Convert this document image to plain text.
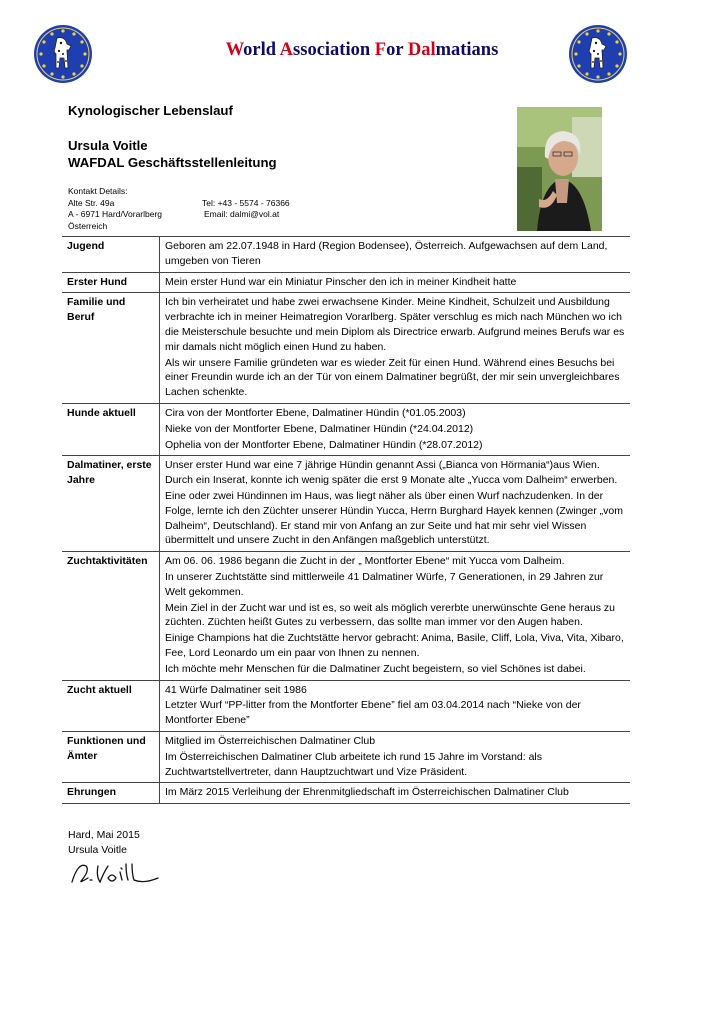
World Association For Dalmatians
Kynologischer Lebenslauf
Ursula Voitle
WAFDAL Geschäftsstellenleitung
Kontakt Details:
Alte Str. 49a	Tel: +43 - 5574 - 76366
A - 6971 Hard/Vorarlberg	Email: dalmi@vol.at
Österreich
Jugend	Geboren am 22.07.1948 in Hard (Region Bodensee), Österreich. Aufgewachsen auf dem Land, umgeben von Tieren

Erster Hund	Mein erster Hund war ein Miniatur Pinscher den ich in meiner Kindheit hatte

Familie und Beruf	Ich bin verheiratet und habe zwei erwachsene Kinder. Meine Kindheit, Schulzeit und Ausbildung verbrachte ich in meiner Heimatregion Vorarlberg. Später verschlug es mich nach München wo ich die Meisterschule besuchte und mein Diplom als Directrice erwarb. Aufgrund meines Berufs war es mir damals nicht möglich einen Hund zu haben.

Als wir unsere Familie gründeten war es wieder Zeit für einen Hund. Während eines Besuchs bei einer Freundin wurde ich an der Tür von einem Dalmatiner begrüßt, der mir sein unvergleichbares Lachen schenkte.

Hunde aktuell	Cira von der Montforter Ebene, Dalmatiner Hündin (*01.05.2003)

Nieke von der Montforter Ebene, Dalmatiner Hündin (*24.04.2012)

Ophelia von der Montforter Ebene, Dalmatiner Hündin (*28.07.2012)

Dalmatiner, erste Jahre	Unser erster Hund war eine 7 jährige Hündin genannt Assi („Bianca von Hörmania“)aus Wien. Durch ein Inserat, konnte ich wenig später die erst 9 Monate alte „Yucca vom Dalheim“ erwerben.

Eine oder zwei Hündinnen im Haus, was liegt näher als über einen Wurf nachzudenken. In der Folge, lernte ich den Züchter unserer Hündin Yucca, Herrn Burghard Hayek kennen (Zwinger „vom Dalheim“, Deutschland). Er stand mir von Anfang an zur Seite und hat mir sehr viel Wissen übermittelt und unsere Zucht in den Anfängen maßgeblich unterstützt.

Zuchtaktivitäten	Am 06. 06. 1986 begann die Zucht in der „ Montforter Ebene“ mit Yucca vom Dalheim.

In unserer Zuchtstätte sind mittlerweile 41 Dalmatiner Würfe, 7 Generationen, in 29 Jahren zur Welt gekommen.

Mein Ziel in der Zucht war und ist es, so weit als möglich vererbte unerwünschte Gene heraus zu züchten. Züchten heißt Gutes zu verbessern, das sollte man immer vor den Augen haben.

Einige Champions hat die Zuchtstätte hervor gebracht: Anima, Basile, Cliff, Lola, Viva, Vita, Xibaro, Fee, Lord Leonardo um ein paar von Ihnen zu nennen.

Ich möchte mehr Menschen für die Dalmatiner Zucht begeistern, so viel Schönes ist dabei.

Zucht aktuell	41 Würfe Dalmatiner seit 1986

Letzter Wurf “PP-litter from the Montforter Ebene” fiel am 03.04.2014 nach “Nieke von der Montforter Ebene”

Funktionen und Ämter	Mitglied im Österreichischen Dalmatiner Club

Im Österreichischen Dalmatiner Club arbeitete ich rund 15 Jahre im Vorstand: als Zuchtwartstellvertreter, dann Hauptzuchtwart und Vize Präsident.

Ehrungen	Im März 2015 Verleihung der Ehrenmitgliedschaft im Österreichischen Dalmatiner Club

Hard, Mai 2015
Ursula Voitle
